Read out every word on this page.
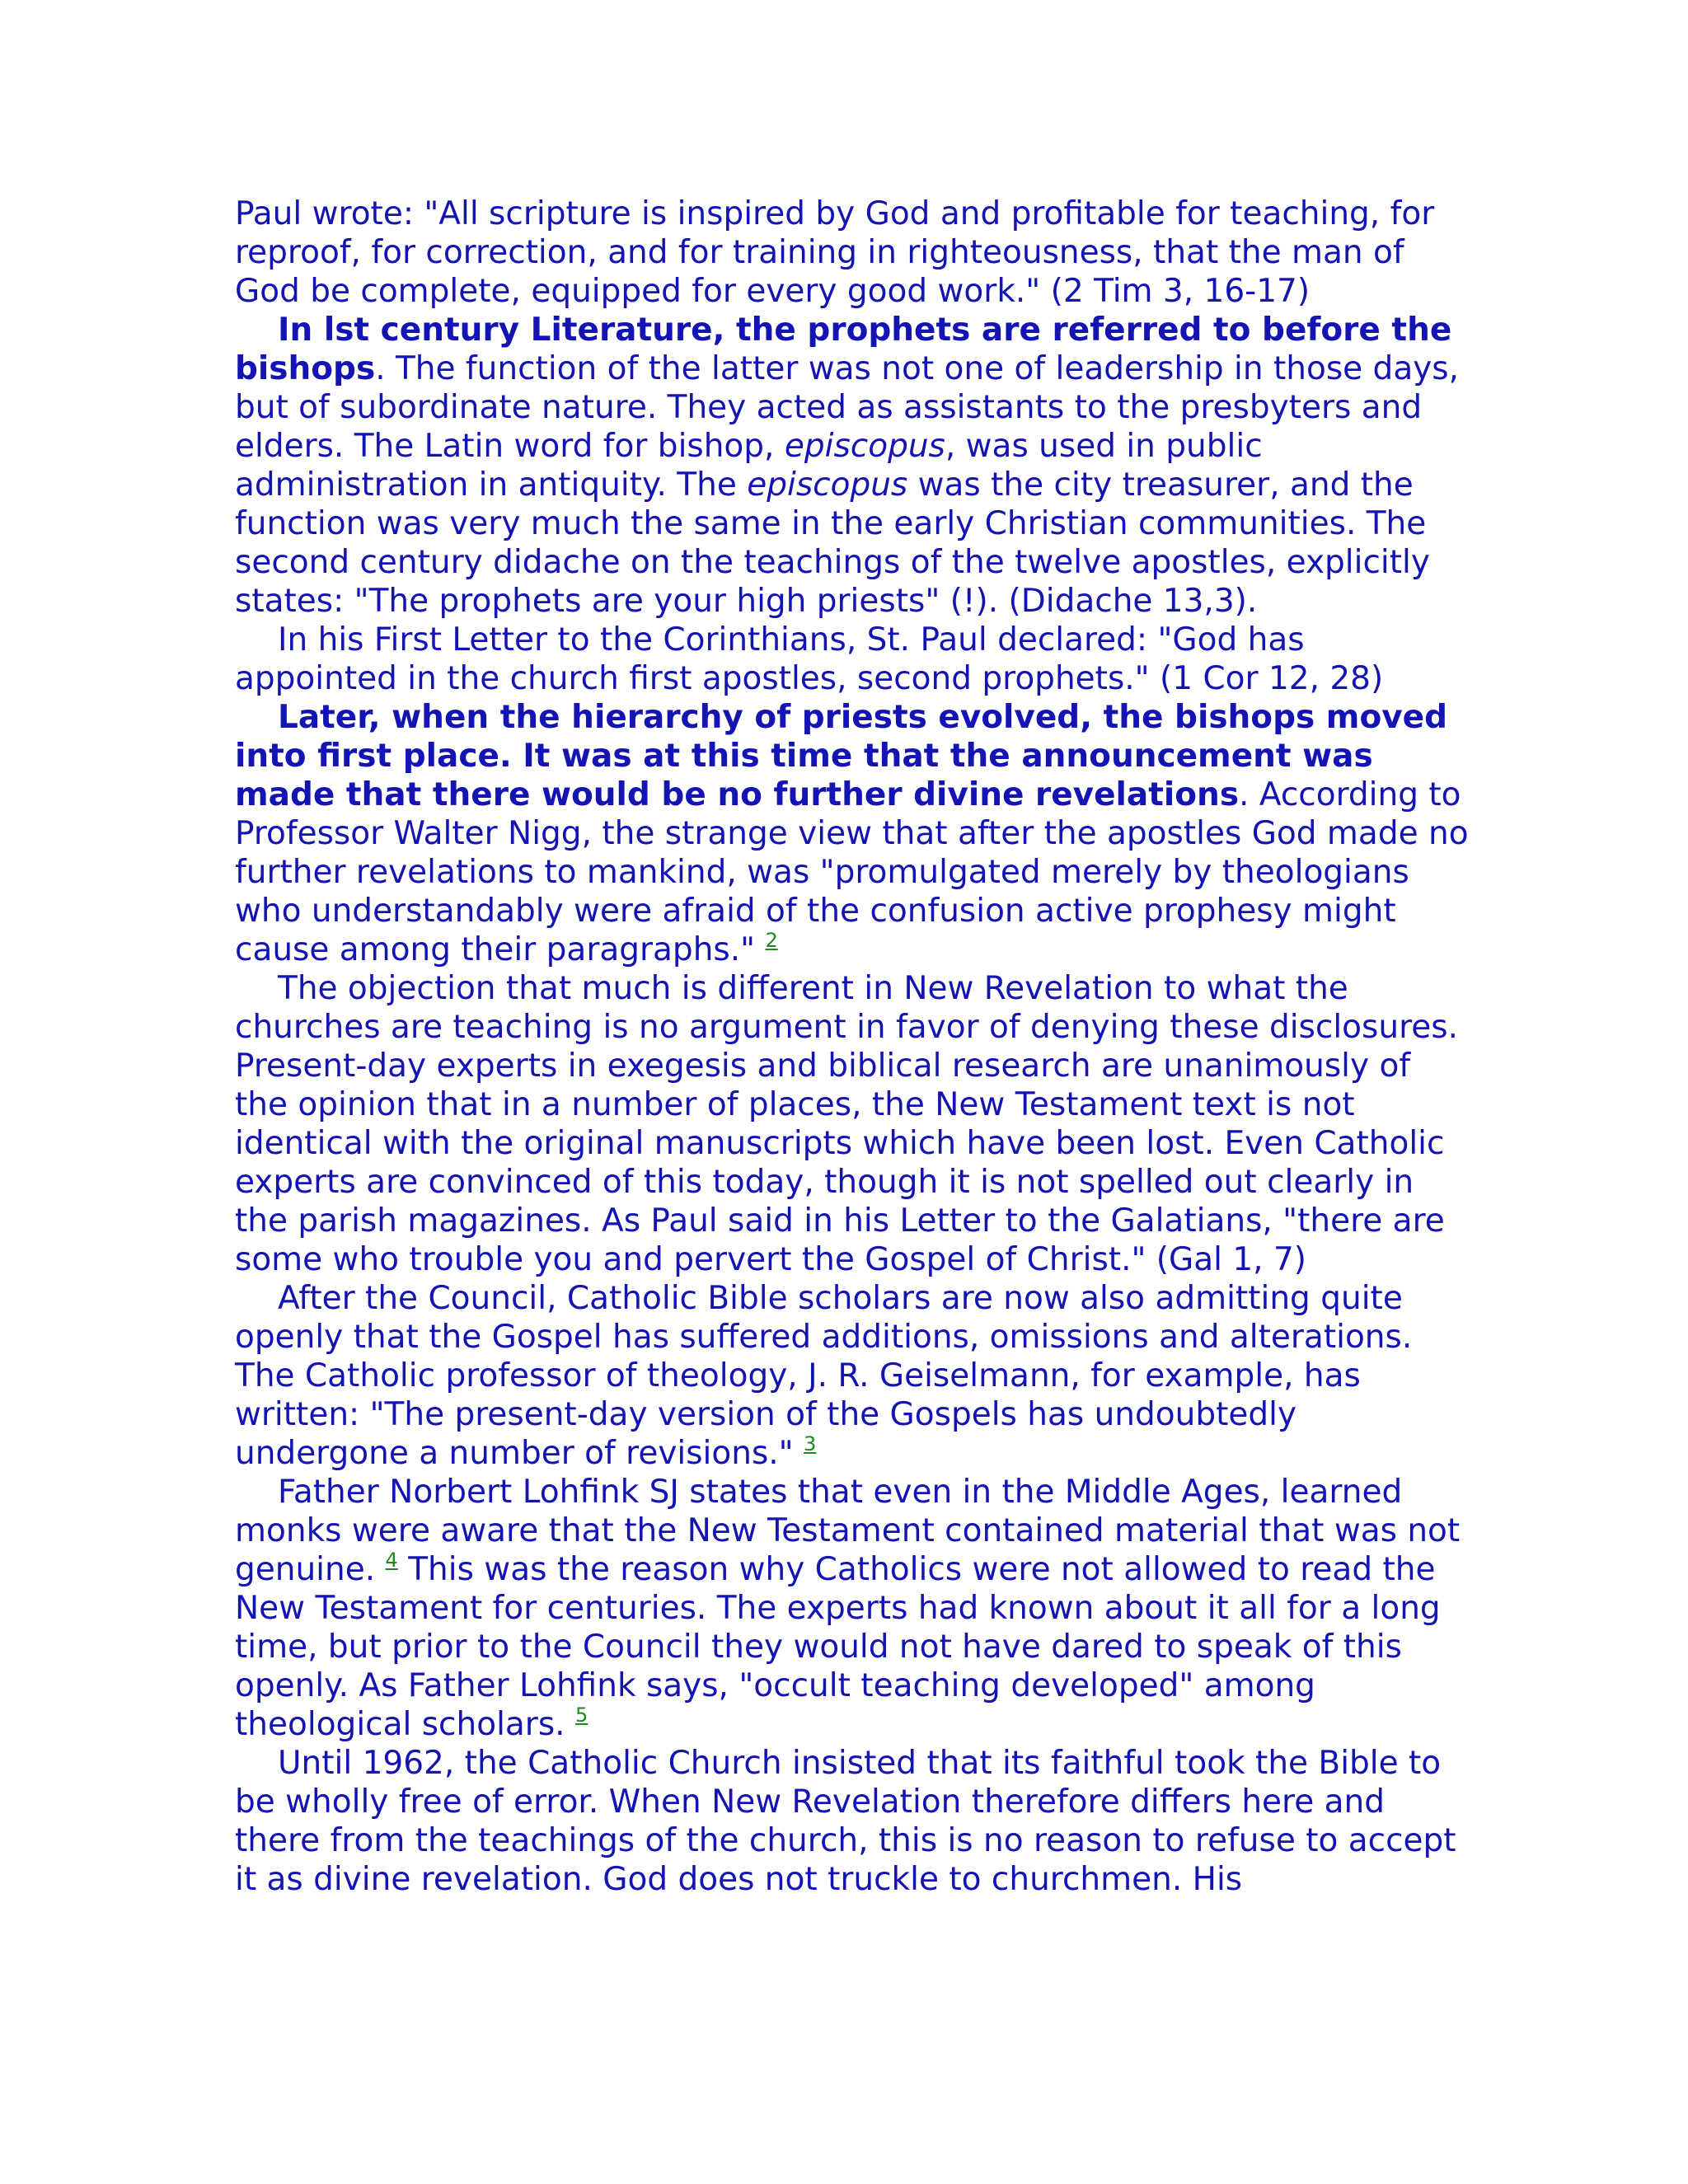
Paul wrote: "All scripture is inspired by God and profitable for teaching, for reproof, for correction, and for training in righteousness, that the man of God be complete, equipped for every good work." (2 Tim 3, 16-17)

In lst century Literature, the prophets are referred to before the bishops. The function of the latter was not one of leadership in those days, but of subordinate nature. They acted as assistants to the presbyters and elders. The Latin word for bishop, episcopus, was used in public administration in antiquity. The episcopus was the city treasurer, and the function was very much the same in the early Christian communities. The second century didache on the teachings of the twelve apostles, explicitly states: "The prophets are your high priests" (!). (Didache 13,3).

In his First Letter to the Corinthians, St. Paul declared: "God has appointed in the church first apostles, second prophets." (1 Cor 12, 28)

Later, when the hierarchy of priests evolved, the bishops moved into first place. It was at this time that the announcement was made that there would be no further divine revelations. According to Professor Walter Nigg, the strange view that after the apostles God made no further revelations to mankind, was "promulgated merely by theologians who understandably were afraid of the confusion active prophesy might cause among their paragraphs." $^2$

The objection that much is different in New Revelation to what the churches are teaching is no argument in favor of denying these disclosures. Present-day experts in exegesis and biblical research are unanimously of the opinion that in a number of places, the New Testament text is not identical with the original manuscripts which have been lost. Even Catholic experts are convinced of this today, though it is not spelled out clearly in the parish magazines. As Paul said in his Letter to the Galatians, "there are some who trouble you and pervert the Gospel of Christ." (Gal 1, 7)

After the Council, Catholic Bible scholars are now also admitting quite openly that the Gospel has suffered additions, omissions and alterations. The Catholic professor of theology, J. R. Geiselmann, for example, has written: "The present-day version of the Gospels has undoubtedly undergone a number of revisions." $^3$

Father Norbert Lohfink SJ states that even in the Middle Ages, learned monks were aware that the New Testament contained material that was not genuine. $^4$ This was the reason why Catholics were not allowed to read the New Testament for centuries. The experts had known about it all for a long time, but prior to the Council they would not have dared to speak of this openly. As Father Lohfink says, "occult teaching developed" among theological scholars. $^5$

Until 1962, the Catholic Church insisted that its faithful took the Bible to be wholly free of error. When New Revelation therefore differs here and there from the teachings of the church, this is no reason to refuse to accept it as divine revelation. God does not truckle to churchmen. His
